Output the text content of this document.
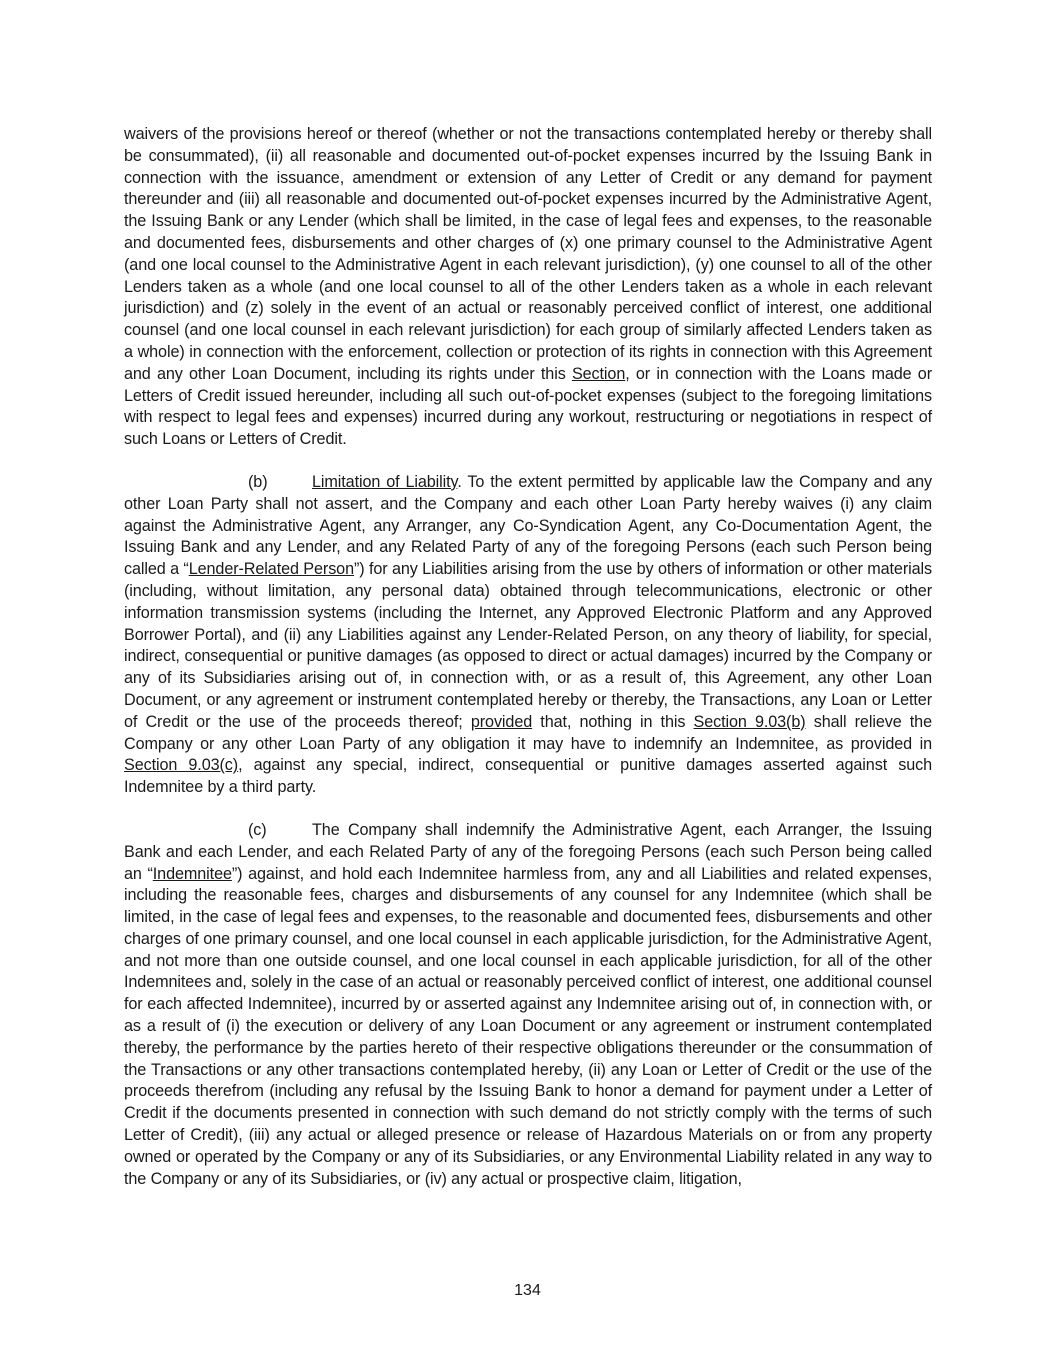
waivers of the provisions hereof or thereof (whether or not the transactions contemplated hereby or thereby shall be consummated), (ii) all reasonable and documented out-of-pocket expenses incurred by the Issuing Bank in connection with the issuance, amendment or extension of any Letter of Credit or any demand for payment thereunder and (iii) all reasonable and documented out-of-pocket expenses incurred by the Administrative Agent, the Issuing Bank or any Lender (which shall be limited, in the case of legal fees and expenses, to the reasonable and documented fees, disbursements and other charges of (x) one primary counsel to the Administrative Agent (and one local counsel to the Administrative Agent in each relevant jurisdiction), (y) one counsel to all of the other Lenders taken as a whole (and one local counsel to all of the other Lenders taken as a whole in each relevant jurisdiction) and (z) solely in the event of an actual or reasonably perceived conflict of interest, one additional counsel (and one local counsel in each relevant jurisdiction) for each group of similarly affected Lenders taken as a whole) in connection with the enforcement, collection or protection of its rights in connection with this Agreement and any other Loan Document, including its rights under this Section, or in connection with the Loans made or Letters of Credit issued hereunder, including all such out-of-pocket expenses (subject to the foregoing limitations with respect to legal fees and expenses) incurred during any workout, restructuring or negotiations in respect of such Loans or Letters of Credit.

(b)	Limitation of Liability. To the extent permitted by applicable law the Company and any other Loan Party shall not assert, and the Company and each other Loan Party hereby waives (i) any claim against the Administrative Agent, any Arranger, any Co-Syndication Agent, any Co-Documentation Agent, the Issuing Bank and any Lender, and any Related Party of any of the foregoing Persons (each such Person being called a “Lender-Related Person”) for any Liabilities arising from the use by others of information or other materials (including, without limitation, any personal data) obtained through telecommunications, electronic or other information transmission systems (including the Internet, any Approved Electronic Platform and any Approved Borrower Portal), and (ii) any Liabilities against any Lender-Related Person, on any theory of liability, for special, indirect, consequential or punitive damages (as opposed to direct or actual damages) incurred by the Company or any of its Subsidiaries arising out of, in connection with, or as a result of, this Agreement, any other Loan Document, or any agreement or instrument contemplated hereby or thereby, the Transactions, any Loan or Letter of Credit or the use of the proceeds thereof; provided that, nothing in this Section 9.03(b) shall relieve the Company or any other Loan Party of any obligation it may have to indemnify an Indemnitee, as provided in Section 9.03(c), against any special, indirect, consequential or punitive damages asserted against such Indemnitee by a third party.

(c)	The Company shall indemnify the Administrative Agent, each Arranger, the Issuing Bank and each Lender, and each Related Party of any of the foregoing Persons (each such Person being called an “Indemnitee”) against, and hold each Indemnitee harmless from, any and all Liabilities and related expenses, including the reasonable fees, charges and disbursements of any counsel for any Indemnitee (which shall be limited, in the case of legal fees and expenses, to the reasonable and documented fees, disbursements and other charges of one primary counsel, and one local counsel in each applicable jurisdiction, for the Administrative Agent, and not more than one outside counsel, and one local counsel in each applicable jurisdiction, for all of the other Indemnitees and, solely in the case of an actual or reasonably perceived conflict of interest, one additional counsel for each affected Indemnitee), incurred by or asserted against any Indemnitee arising out of, in connection with, or as a result of (i) the execution or delivery of any Loan Document or any agreement or instrument contemplated thereby, the performance by the parties hereto of their respective obligations thereunder or the consummation of the Transactions or any other transactions contemplated hereby, (ii) any Loan or Letter of Credit or the use of the proceeds therefrom (including any refusal by the Issuing Bank to honor a demand for payment under a Letter of Credit if the documents presented in connection with such demand do not strictly comply with the terms of such Letter of Credit), (iii) any actual or alleged presence or release of Hazardous Materials on or from any property owned or operated by the Company or any of its Subsidiaries, or any Environmental Liability related in any way to the Company or any of its Subsidiaries, or (iv) any actual or prospective claim, litigation,

134
